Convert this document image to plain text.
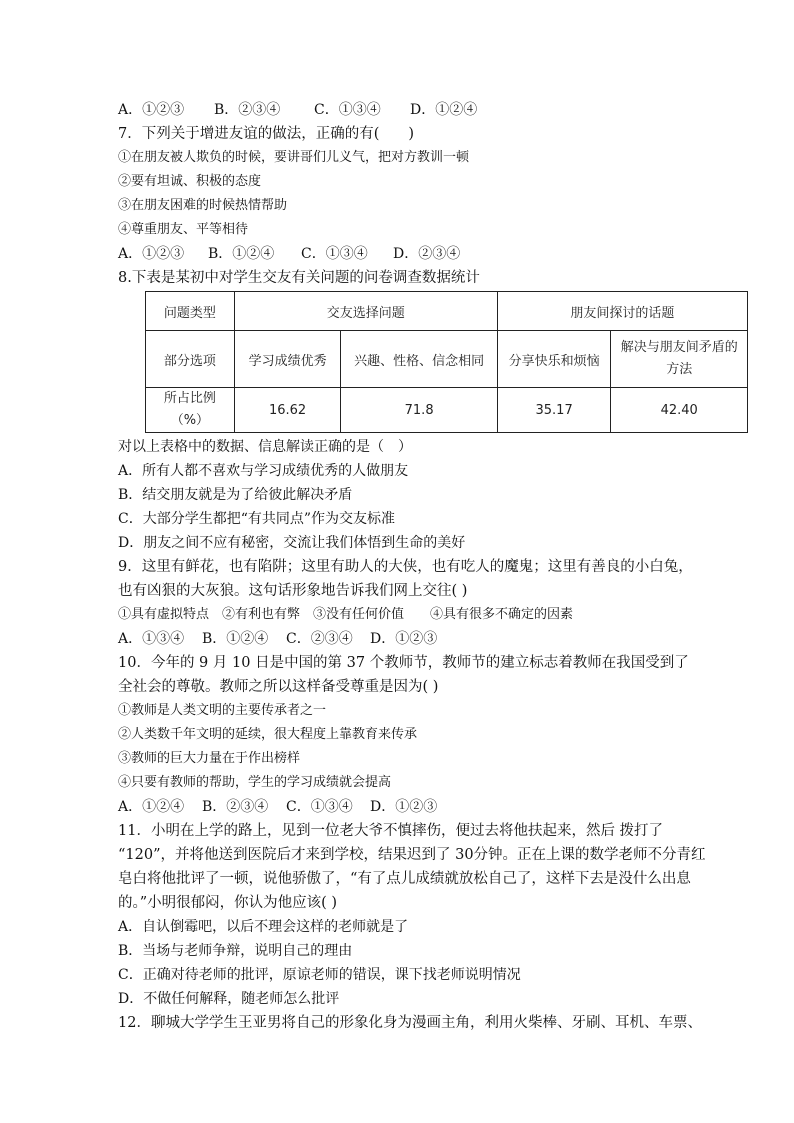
A．①②③ B．②③④ C．①③④ D．①②④
7．下列关于增进友谊的做法，正确的有(　　)
①在朋友被人欺负的时候，要讲哥们儿义气，把对方教训一顿
②要有坦诚、积极的态度
③在朋友困难的时候热情帮助
④尊重朋友、平等相待
A．①②③ B．①②④ C．①③④ D．②③④
8.下表是某初中对学生交友有关问题的问卷调查数据统计
问题类型	交友选择问题		朋友间探讨的话题	
部分选项	学习成绩优秀	兴趣、性格、信念相同	分享快乐和烦恼	解决与朋友间矛盾的方法
所占比例（%）	16.62	71.8	35.17	42.40
对以上表格中的数据、信息解读正确的是（　）
A．所有人都不喜欢与学习成绩优秀的人做朋友
B．结交朋友就是为了给彼此解决矛盾
C．大部分学生都把“有共同点”作为交友标准
D．朋友之间不应有秘密，交流让我们体悟到生命的美好
9．这里有鲜花，也有陷阱；这里有助人的大侠，也有吃人的魔鬼；这里有善良的小白兔，
也有凶狠的大灰狼。这句话形象地告诉我们网上交往( )
①具有虚拟特点　②有利也有弊　③没有任何价值　　④具有很多不确定的因素
A．①③④ B．①②④ C．②③④ D．①②③
10．今年的 9 月 10 日是中国的第 37 个教师节，教师节的建立标志着教师在我国受到了
全社会的尊敬。教师之所以这样备受尊重是因为( )
①教师是人类文明的主要传承者之一
②人类数千年文明的延续，很大程度上靠教育来传承
③教师的巨大力量在于作出榜样
④只要有教师的帮助，学生的学习成绩就会提高
A．①②④ B．②③④ C．①③④ D．①②③
11．小明在上学的路上，见到一位老大爷不慎摔伤，便过去将他扶起来，然后 拨打了
“120”，并将他送到医院后才来到学校，结果迟到了 30分钟。正在上课的数学老师不分青红
皂白将他批评了一顿，说他骄傲了，“有了点儿成绩就放松自己了，这样下去是没什么出息
的。”小明很郁闷，你认为他应该( )
A．自认倒霉吧，以后不理会这样的老师就是了
B．当场与老师争辩，说明自己的理由
C．正确对待老师的批评，原谅老师的错误，课下找老师说明情况
D．不做任何解释，随老师怎么批评
12．聊城大学学生王亚男将自己的形象化身为漫画主角，利用火柴棒、牙刷、耳机、车票、
